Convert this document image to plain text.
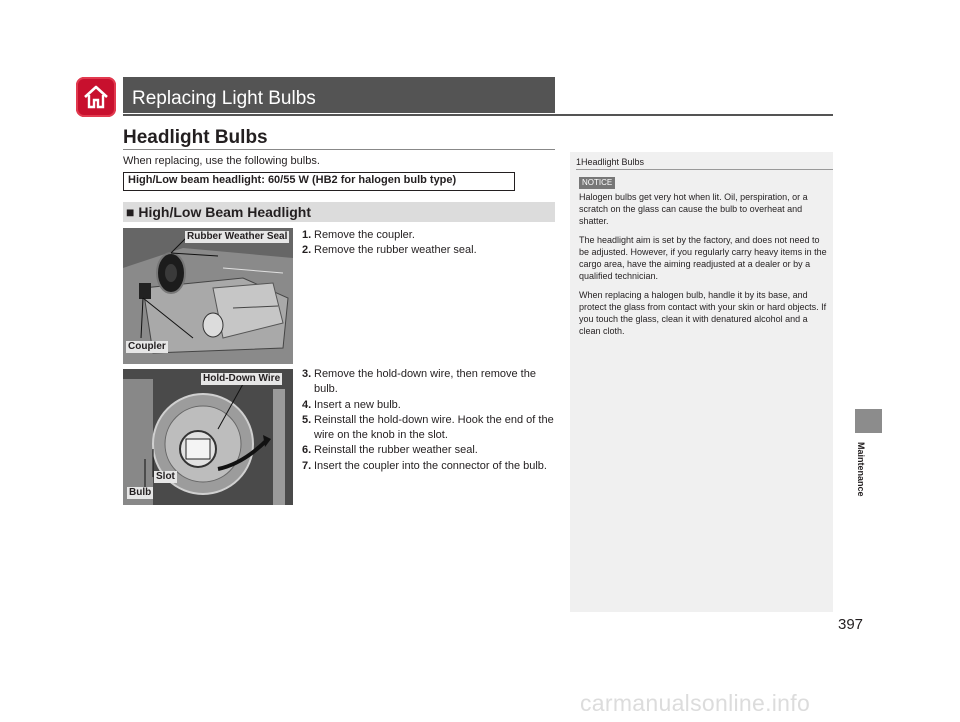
Replacing Light Bulbs
Headlight Bulbs
When replacing, use the following bulbs.
High/Low beam headlight: 60/55 W (HB2 for halogen bulb type)
■ High/Low Beam Headlight
Rubber Weather Seal
Coupler
Hold-Down Wire
Slot
Bulb
1. Remove the coupler.
2. Remove the rubber weather seal.
3. Remove the hold-down wire, then remove the bulb.
4. Insert a new bulb.
5. Reinstall the hold-down wire. Hook the end of the wire on the knob in the slot.
6. Reinstall the rubber weather seal.
7. Insert the coupler into the connector of the bulb.
1Headlight Bulbs
NOTICE

Halogen bulbs get very hot when lit. Oil, perspiration, or a scratch on the glass can cause the bulb to overheat and shatter.

The headlight aim is set by the factory, and does not need to be adjusted. However, if you regularly carry heavy items in the cargo area, have the aiming readjusted at a dealer or by a qualified technician.

When replacing a halogen bulb, handle it by its base, and protect the glass from contact with your skin or hard objects. If you touch the glass, clean it with denatured alcohol and a clean cloth.

Maintenance
397
carmanualsonline.info
